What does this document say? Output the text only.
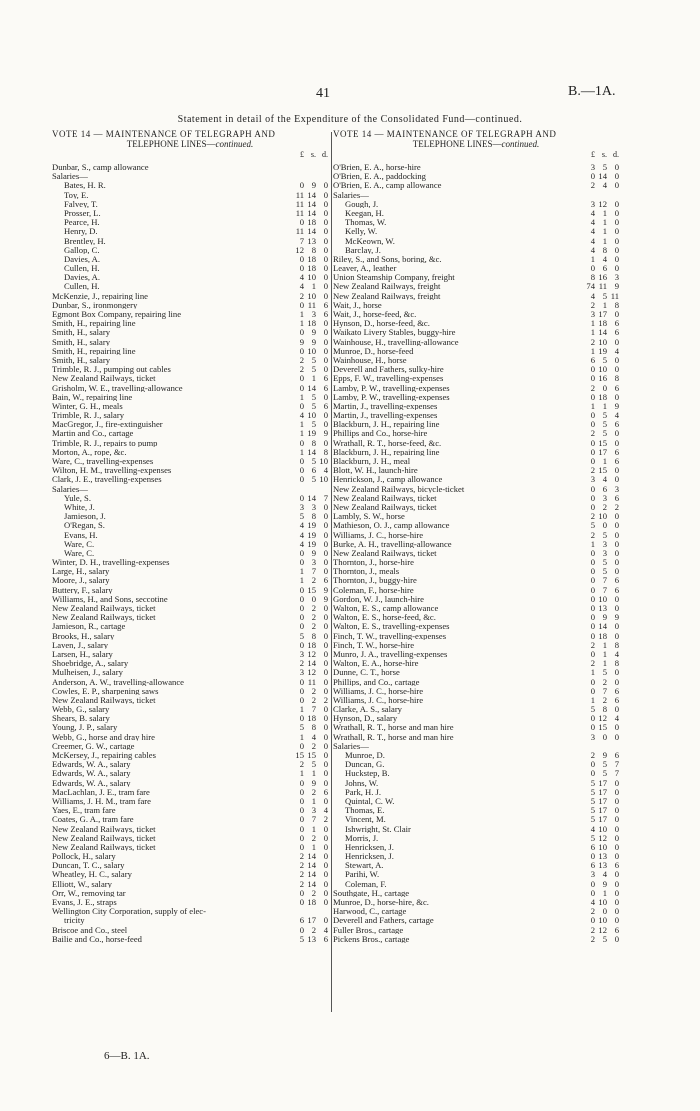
41	B.—1A.
Statement in detail of the Expenditure of the Consolidated Fund—continued.
VOTE 14 — MAINTENANCE OF TELEGRAPH AND
TELEPHONE LINES—continued.
£ s. d.
Dunbar, S., camp allowance
Salaries—
Bates, H. R.	0 9 0
Toy, E.	11 14 0
Falvey, T.	11 14 0
Prosser, L.	11 14 0
Pearce, H.	0 18 0
Henry, D.	11 14 0
Brentley, H.	7 13 0
Gallop, C.	12 8 0
Davies, A.	0 18 0
Cullen, H.	0 18 0
Davies, A.	4 10 0
Cullen, H.	4 1 0
McKenzie, J., repairing line	2 10 0
Dunbar, S., ironmongery	0 11 6
Egmont Box Company, repairing line	1 3 6
Smith, H., repairing line	1 18 0
Smith, H., salary	0 9 0
Smith, H., salary	9 9 0
Smith, H., repairing line	0 10 0
Smith, H., salary	2 5 0
Trimble, R. J., pumping out cables	2 5 0
New Zealand Railways, ticket	0 1 6
Grisholm, W. E., travelling-allowance	0 14 6
Bain, W., repairing line	1 5 0
Winter, G. H., meals	0 5 6
Trimble, R. J., salary	4 10 0
MacGregor, J., fire-extinguisher	1 5 0
Martin and Co., cartage	1 19 9
Trimble, R. J., repairs to pump	0 8 0
Morton, A., rope, &c.	1 14 8
Ware, C., travelling-expenses	0 5 10
Wilton, H. M., travelling-expenses	0 6 4
Clark, J. E., travelling-expenses	0 5 10
Salaries—
Yule, S.	0 14 7
White, J.	3 3 0
Jamieson, J.	5 8 0
O'Regan, S.	4 19 0
Evans, H.	4 19 0
Ware, C.	4 19 0
Ware, C.	0 9 0
Winter, D. H., travelling-expenses	0 3 0
Large, H., salary	1 7 0
Moore, J., salary	1 2 6
Buttery, F., salary	0 15 9
Williams, H., and Sons, seccotine	0 0 9
New Zealand Railways, ticket	0 2 0
New Zealand Railways, ticket	0 2 0
Jamieson, R., cartage	0 2 0
Brooks, H., salary	5 8 0
Laven, J., salary	0 18 0
Larsen, H., salary	3 12 0
Shoebridge, A., salary	2 14 0
Mulheisen, J., salary	3 12 0
Anderson, A. W., travelling-allowance	0 11 0
Cowles, E. P., sharpening saws	0 2 0
New Zealand Railways, ticket	0 2 2
Webb, G., salary	1 7 0
Shears, B. salary	0 18 0
Young, J. P., salary	5 8 0
Webb, G., horse and dray hire	1 4 0
Creemer, G. W., cartage	0 2 0
McKersey, J., repairing cables	15 15 0
Edwards, W. A., salary	2 5 0
Edwards, W. A., salary	1 1 0
Edwards, W. A., salary	0 9 0
MacLachlan, J. E., tram fare	0 2 6
Williams, J. H. M., tram fare	0 1 0
Yaes, E., tram fare	0 3 4
Coates, G. A., tram fare	0 7 2
New Zealand Railways, ticket	0 1 0
New Zealand Railways, ticket	0 2 0
New Zealand Railways, ticket	0 1 0
Pollock, H., salary	2 14 0
Duncan, T. C., salary	2 14 0
Wheatley, H. C., salary	2 14 0
Elliott, W., salary	2 14 0
Orr, W., removing tar	0 2 0
Evans, J. E., straps	0 18 0
Wellington City Corporation, supply of elec-
tricity	6 17 0
Briscoe and Co., steel	0 2 4
Bailie and Co., horse-feed	5 13 6
VOTE 14 — MAINTENANCE OF TELEGRAPH AND
TELEPHONE LINES—continued.
£ s. d.
O'Brien, E. A., horse-hire	3 5 0
O'Brien, E. A., paddocking	0 14 0
O'Brien, E. A., camp allowance	2 4 0
Salaries—
Gough, J.	3 12 0
Keegan, H.	4 1 0
Thomas, W.	4 1 0
Kelly, W.	4 1 0
McKeown, W.	4 1 0
Barclay, J.	4 8 0
Riley, S., and Sons, boring, &c.	1 4 0
Leaver, A., leather	0 6 0
Union Steamship Company, freight	8 16 3
New Zealand Railways, freight	74 11 9
New Zealand Railways, freight	4 5 11
Wait, J., horse	2 1 8
Wait, J., horse-feed, &c.	3 17 0
Hynson, D., horse-feed, &c.	1 18 6
Waikato Livery Stables, buggy-hire	1 14 6
Wainhouse, H., travelling-allowance	2 10 0
Munroe, D., horse-feed	1 19 4
Wainhouse, H., horse	6 5 0
Deverell and Fathers, sulky-hire	0 10 0
Epps, F. W., travelling-expenses	0 16 8
Lamby, P. W., travelling-expenses	2 0 6
Lamby, P. W., travelling-expenses	0 18 0
Martin, J., travelling-expenses	1 1 9
Martin, J., travelling-expenses	0 5 4
Blackburn, J. H., repairing line	0 5 6
Phillips and Co., horse-hire	2 5 0
Wrathall, R. T., horse-feed, &c.	0 15 0
Blackburn, J. H., repairing line	0 17 6
Blackburn, J. H., meal	0 1 6
Blott, W. H., launch-hire	2 15 0
Henrickson, J., camp allowance	3 4 0
New Zealand Railways, bicycle-ticket	0 6 3
New Zealand Railways, ticket	0 3 6
New Zealand Railways, ticket	0 2 2
Lambly, S. W., horse	2 10 0
Mathieson, O. J., camp allowance	5 0 0
Williams, J. C., horse-hire	2 5 0
Burke, A. H., travelling-allowance	1 3 0
New Zealand Railways, ticket	0 3 0
Thornton, J., horse-hire	0 5 0
Thornton, J., meals	0 5 0
Thornton, J., buggy-hire	0 7 6
Coleman, F., horse-hire	0 7 6
Gordon, W. J., launch-hire	0 10 0
Walton, E. S., camp allowance	0 13 0
Walton, E. S., horse-feed, &c.	0 9 9
Walton, E. S., travelling-expenses	0 14 0
Finch, T. W., travelling-expenses	0 18 0
Finch, T. W., horse-hire	2 1 8
Munro, J. A., travelling-expenses	0 1 4
Walton, E. A., horse-hire	2 1 8
Dunne, C. T., horse	1 5 0
Phillips, and Co., cartage	0 2 0
Williams, J. C., horse-hire	0 7 6
Williams, J. C., horse-hire	1 2 6
Clarke, A. S., salary	5 8 0
Hynson, D., salary	0 12 4
Wrathall, R. T., horse and man hire	0 15 0
Wrathall, R. T., horse and man hire	3 0 0
Salaries—
Munroe, D.	2 9 6
Duncan, G.	0 5 7
Huckstep, B.	0 5 7
Johns, W.	5 17 0
Park, H. J.	5 17 0
Quintal, C. W.	5 17 0
Thomas, E.	5 17 0
Vincent, M.	5 17 0
Ishwright, St. Clair	4 10 0
Morris, J.	5 12 0
Henricksen, J.	6 10 0
Henricksen, J.	0 13 0
Stewart, A.	6 13 6
Parihi, W.	3 4 0
Coleman, F.	0 9 0
Southgate, H., cartage	0 1 0
Munroe, D., horse-hire, &c.	4 10 0
Harwood, C., cartage	2 0 0
Deverell and Fathers, cartage	0 10 0
Fuller Bros., cartage	2 12 6
Pickens Bros., cartage	2 5 0
6—B. 1A.
